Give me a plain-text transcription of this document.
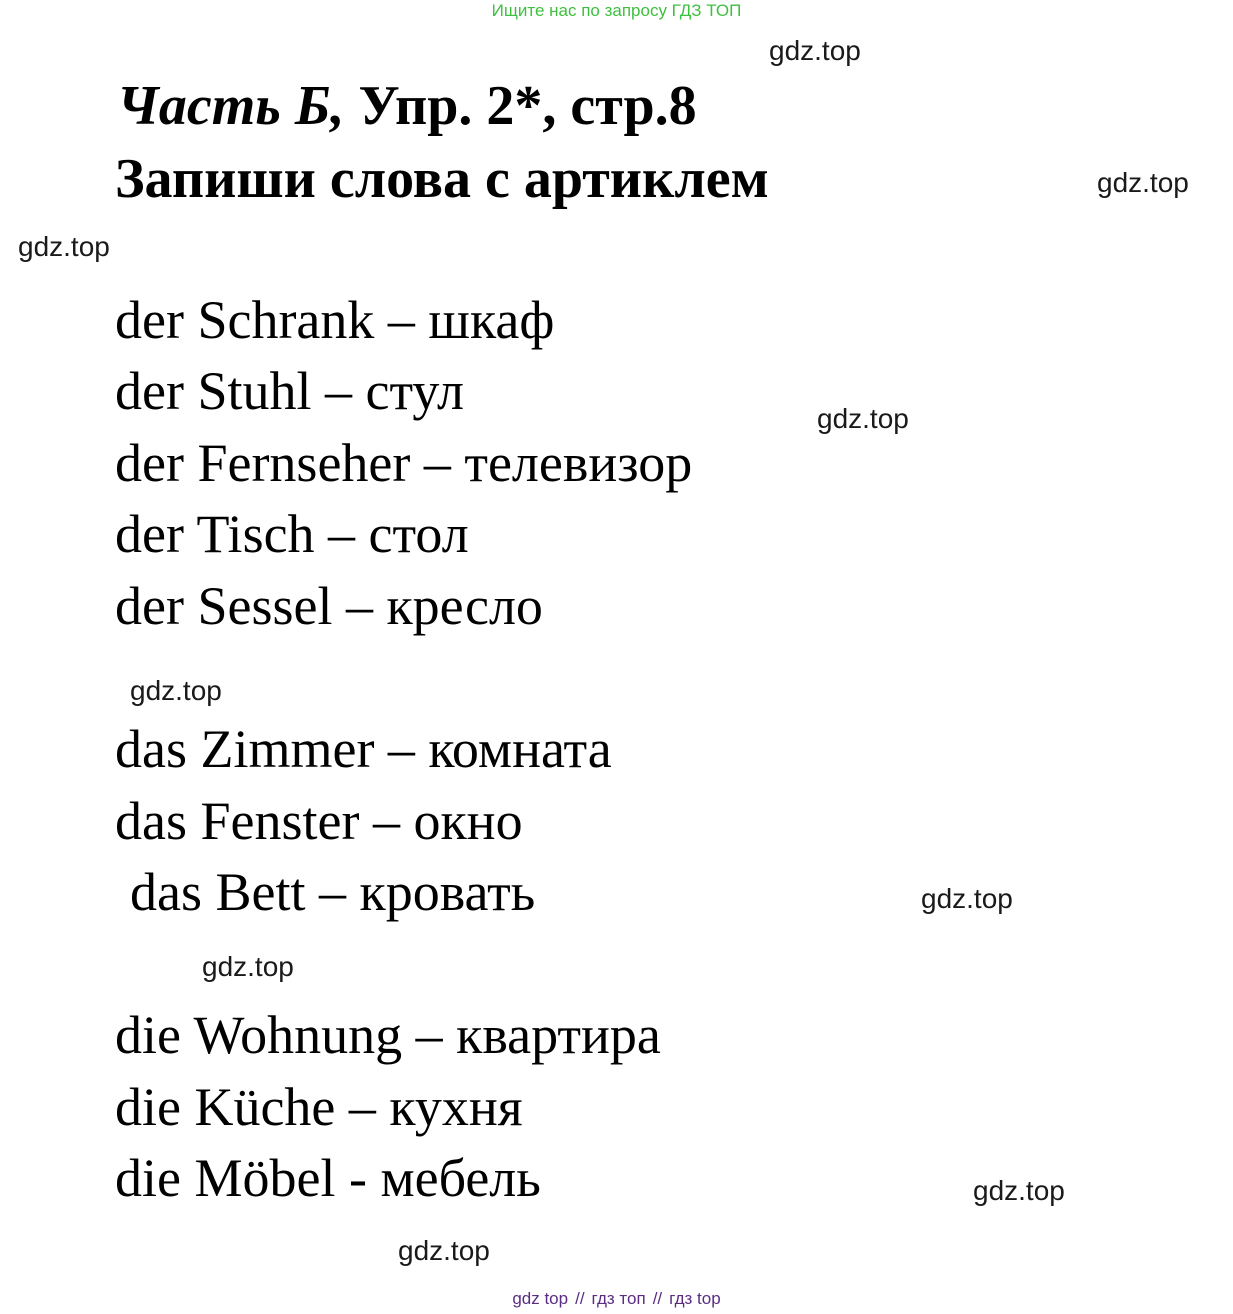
Ищите нас по запросу ГДЗ ТОП
Часть Б, Упр. 2*, стр.8
Запиши слова с артиклем
der Schrank – шкаф
der Stuhl – стул
der Fernseher – телевизор
der Tisch – стол
der Sessel – кресло
das Zimmer – комната
das Fenster – окно
das Bett – кровать
die Wohnung – квартира
die Küche – кухня
die Möbel - мебель
gdz.top
gdz.top
gdz.top
gdz.top
gdz.top
gdz.top
gdz.top
gdz.top
gdz.top
gdz top // гдз топ // гдз top
